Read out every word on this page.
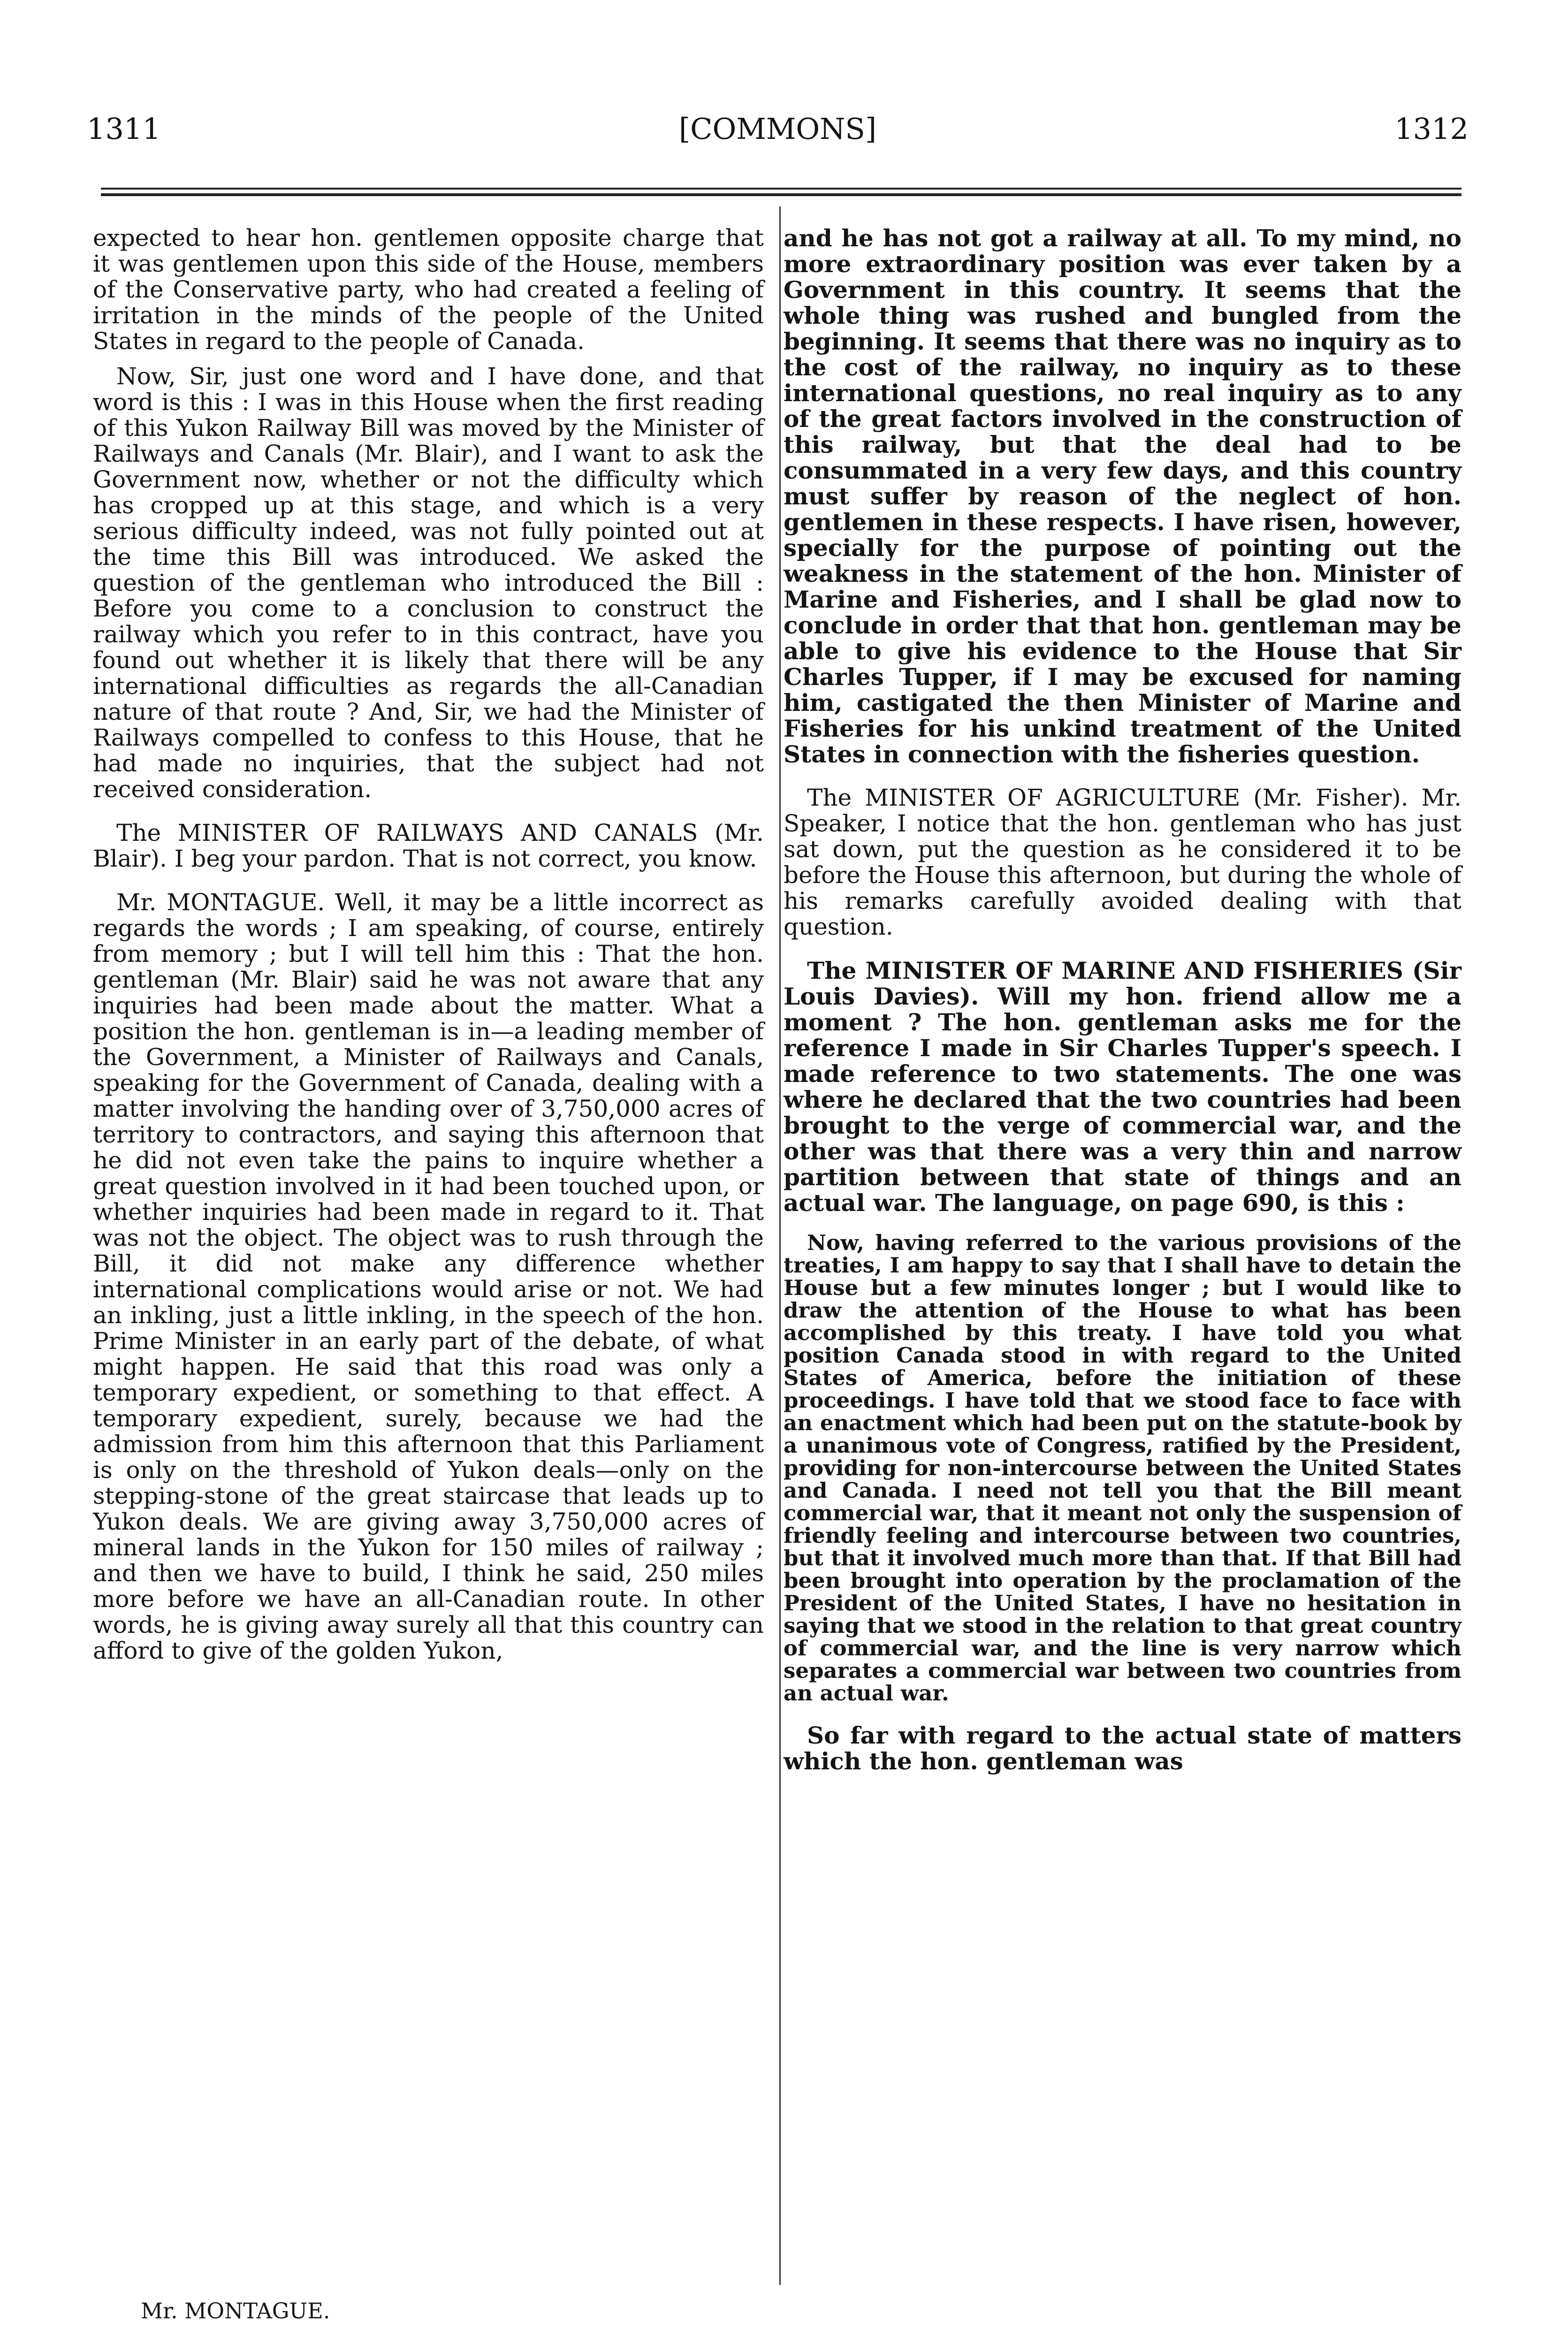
1311	[COMMONS]	1312

expected to hear hon. gentlemen opposite charge that it was gentlemen upon this side of the House, members of the Conservative party, who had created a feeling of irritation in the minds of the people of the United States in regard to the people of Canada.

Now, Sir, just one word and I have done, and that word is this : I was in this House when the first reading of this Yukon Railway Bill was moved by the Minister of Railways and Canals (Mr. Blair), and I want to ask the Government now, whether or not the difficulty which has cropped up at this stage, and which is a very serious difficulty indeed, was not fully pointed out at the time this Bill was introduced. We asked the question of the gentleman who introduced the Bill : Before you come to a conclusion to construct the railway which you refer to in this contract, have you found out whether it is likely that there will be any international difficulties as regards the all-Canadian nature of that route ? And, Sir, we had the Minister of Railways compelled to confess to this House, that he had made no inquiries, that the subject had not received consideration.

The MINISTER OF RAILWAYS AND CANALS (Mr. Blair). I beg your pardon. That is not correct, you know.

Mr. MONTAGUE. Well, it may be a little incorrect as regards the words ; I am speaking, of course, entirely from memory ; but I will tell him this : That the hon. gentleman (Mr. Blair) said he was not aware that any inquiries had been made about the matter. What a position the hon. gentleman is in—a leading member of the Government, a Minister of Railways and Canals, speaking for the Government of Canada, dealing with a matter involving the handing over of 3,750,000 acres of territory to contractors, and saying this afternoon that he did not even take the pains to inquire whether a great question involved in it had been touched upon, or whether inquiries had been made in regard to it. That was not the object. The object was to rush through the Bill, it did not make any difference whether international complications would arise or not. We had an inkling, just a little inkling, in the speech of the hon. Prime Minister in an early part of the debate, of what might happen. He said that this road was only a temporary expedient, or something to that effect. A temporary expedient, surely, because we had the admission from him this afternoon that this Parliament is only on the threshold of Yukon deals—only on the stepping-stone of the great staircase that leads up to Yukon deals. We are giving away 3,750,000 acres of mineral lands in the Yukon for 150 miles of railway ; and then we have to build, I think he said, 250 miles more before we have an all-Canadian route. In other words, he is giving away surely all that this country can afford to give of the golden Yukon,

Mr. MONTAGUE.

and he has not got a railway at all. To my mind, no more extraordinary position was ever taken by a Government in this country. It seems that the whole thing was rushed and bungled from the beginning. It seems that there was no inquiry as to the cost of the railway, no inquiry as to these international questions, no real inquiry as to any of the great factors involved in the construction of this railway, but that the deal had to be consummated in a very few days, and this country must suffer by reason of the neglect of hon. gentlemen in these respects. I have risen, however, specially for the purpose of pointing out the weakness in the statement of the hon. Minister of Marine and Fisheries, and I shall be glad now to conclude in order that that hon. gentleman may be able to give his evidence to the House that Sir Charles Tupper, if I may be excused for naming him, castigated the then Minister of Marine and Fisheries for his unkind treatment of the United States in connection with the fisheries question.

The MINISTER OF AGRICULTURE (Mr. Fisher). Mr. Speaker, I notice that the hon. gentleman who has just sat down, put the question as he considered it to be before the House this afternoon, but during the whole of his remarks carefully avoided dealing with that question.

The MINISTER OF MARINE AND FISHERIES (Sir Louis Davies). Will my hon. friend allow me a moment ? The hon. gentleman asks me for the reference I made in Sir Charles Tupper's speech. I made reference to two statements. The one was where he declared that the two countries had been brought to the verge of commercial war, and the other was that there was a very thin and narrow partition between that state of things and an actual war. The language, on page 690, is this :

Now, having referred to the various provisions of the treaties, I am happy to say that I shall have to detain the House but a few minutes longer ; but I would like to draw the attention of the House to what has been accomplished by this treaty. I have told you what position Canada stood in with regard to the United States of America, before the initiation of these proceedings. I have told that we stood face to face with an enactment which had been put on the statute-book by a unanimous vote of Congress, ratified by the President, providing for non-intercourse between the United States and Canada. I need not tell you that the Bill meant commercial war, that it meant not only the suspension of friendly feeling and intercourse between two countries, but that it involved much more than that. If that Bill had been brought into operation by the proclamation of the President of the United States, I have no hesitation in saying that we stood in the relation to that great country of commercial war, and the line is very narrow which separates a commercial war between two countries from an actual war.

So far with regard to the actual state of matters which the hon. gentleman was
